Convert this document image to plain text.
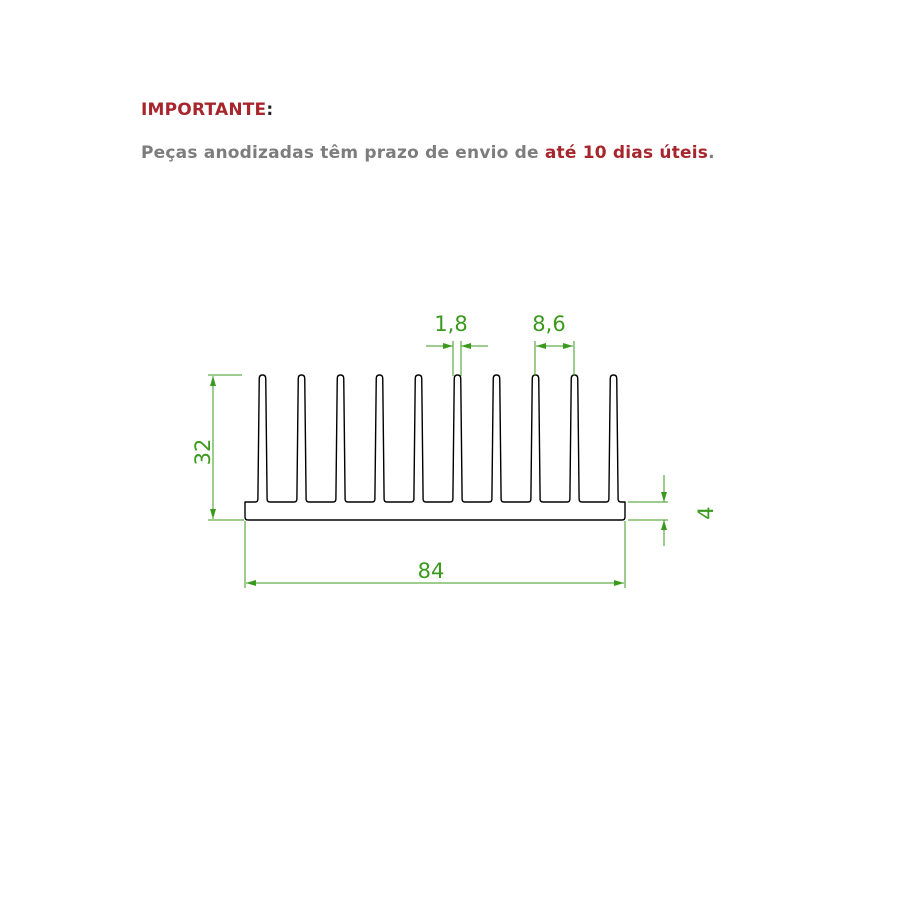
IMPORTANTE:
Peças anodizadas têm prazo de envio de até 10 dias úteis.
1,8	8,6
32
84
4
